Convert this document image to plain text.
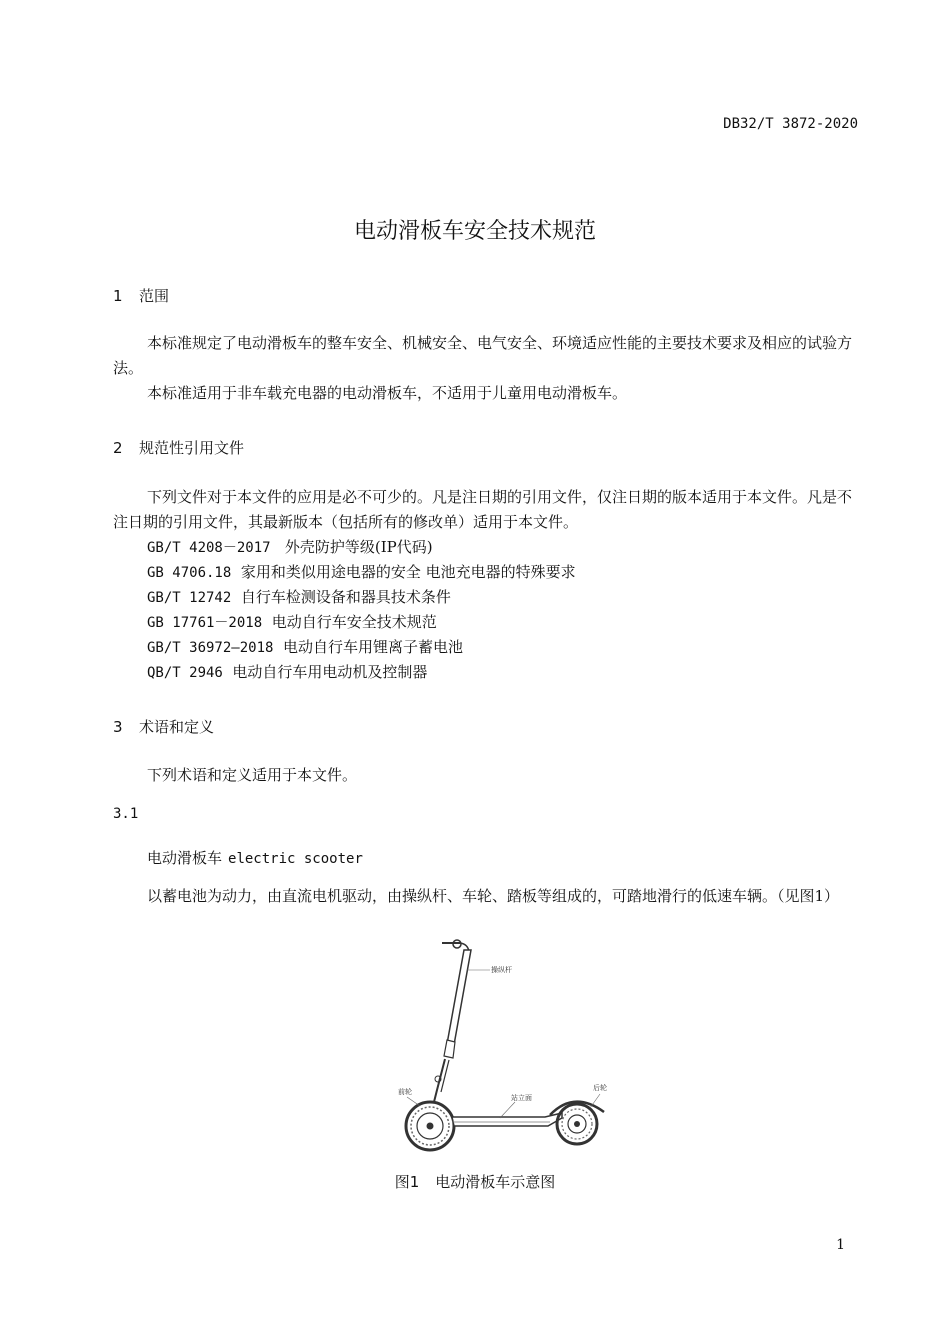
DB32/T 3872-2020
电动滑板车安全技术规范
1 范围
本标准规定了电动滑板车的整车安全、机械安全、电气安全、环境适应性能的主要技术要求及相应的试验方法。
本标准适用于非车载充电器的电动滑板车，不适用于儿童用电动滑板车。
2 规范性引用文件
下列文件对于本文件的应用是必不可少的。凡是注日期的引用文件，仅注日期的版本适用于本文件。凡是不注日期的引用文件，其最新版本（包括所有的修改单）适用于本文件。
GB/T 4208－2017 外壳防护等级(IP代码)
GB 4706.18 家用和类似用途电器的安全 电池充电器的特殊要求
GB/T 12742 自行车检测设备和器具技术条件
GB 17761－2018 电动自行车安全技术规范
GB/T 36972—2018 电动自行车用锂离子蓄电池
QB/T 2946 电动自行车用电动机及控制器
3 术语和定义
下列术语和定义适用于本文件。
3.1
电动滑板车 electric scooter
以蓄电池为动力，由直流电机驱动，由操纵杆、车轮、踏板等组成的，可踏地滑行的低速车辆。（见图1）
操纵杆
前轮
站立面
后轮
图1 电动滑板车示意图
1
